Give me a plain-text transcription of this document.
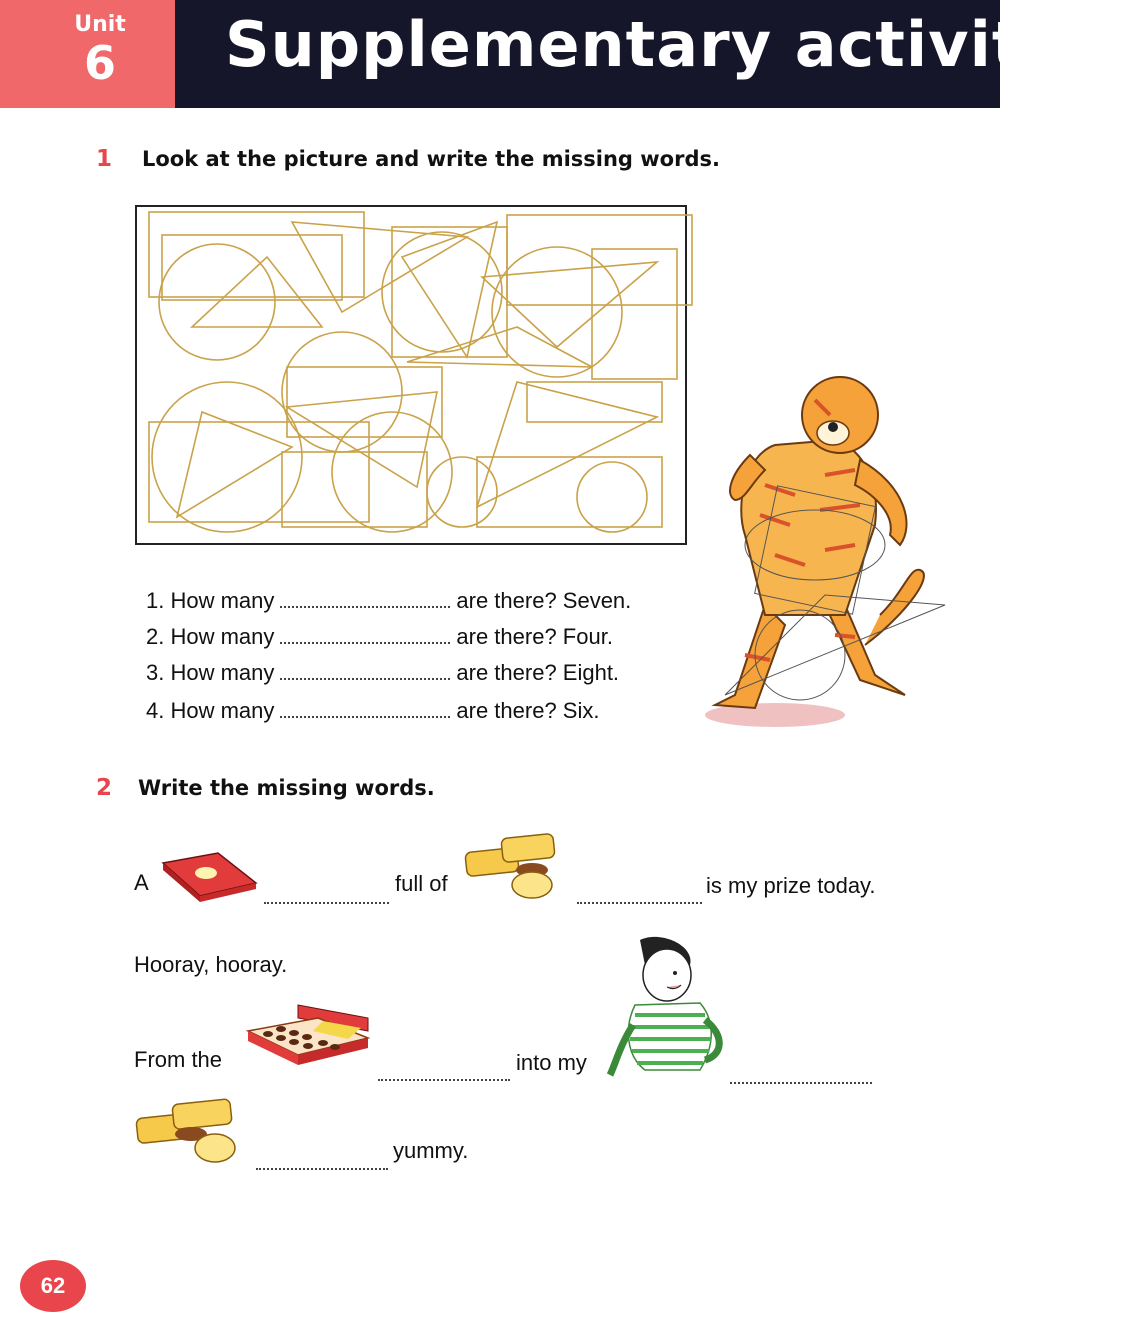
Unit
6	Supplementary activities
1 Look at the picture and write the missing words.
1. How many	are there? Seven.
2. How many	are there? Four.
3. How many	are there? Eight.
4. How many	are there? Six.
2 Write the missing words.
A	full of	is my prize today.
Hooray, hooray.
From the	into my
yummy.
62
